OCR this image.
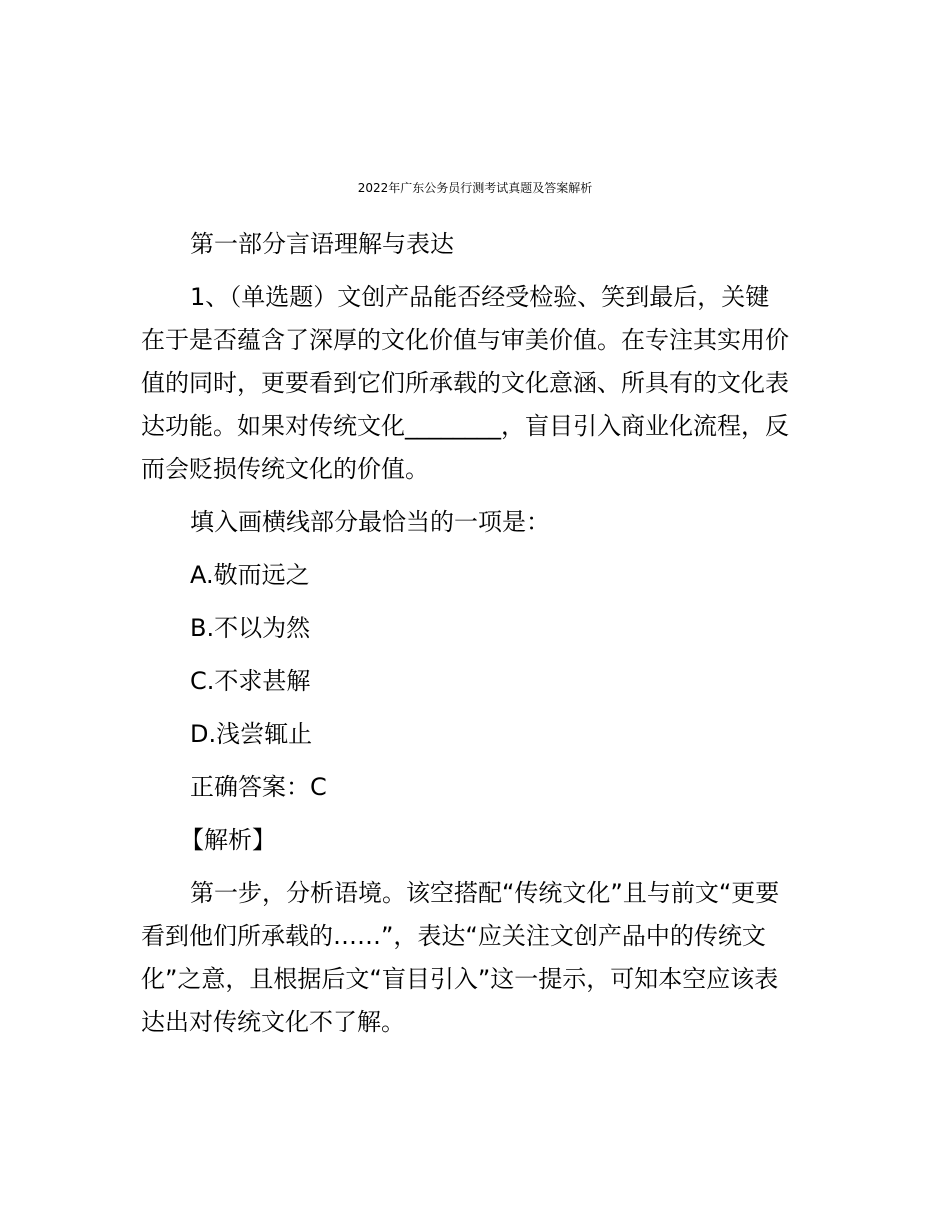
2022年广东公务员行测考试真题及答案解析
第一部分言语理解与表达
1、（单选题）文创产品能否经受检验、笑到最后，关键
在于是否蕴含了深厚的文化价值与审美价值。在专注其实用价
值的同时，更要看到它们所承载的文化意涵、所具有的文化表
达功能。如果对传统文化________，盲目引入商业化流程，反
而会贬损传统文化的价值。
填入画横线部分最恰当的一项是：
A.敬而远之
B.不以为然
C.不求甚解
D.浅尝辄止
正确答案：C
【解析】
第一步，分析语境。该空搭配“传统文化”且与前文“更要
看到他们所承载的……”，表达“应关注文创产品中的传统文
化”之意，且根据后文“盲目引入”这一提示，可知本空应该表
达出对传统文化不了解。
